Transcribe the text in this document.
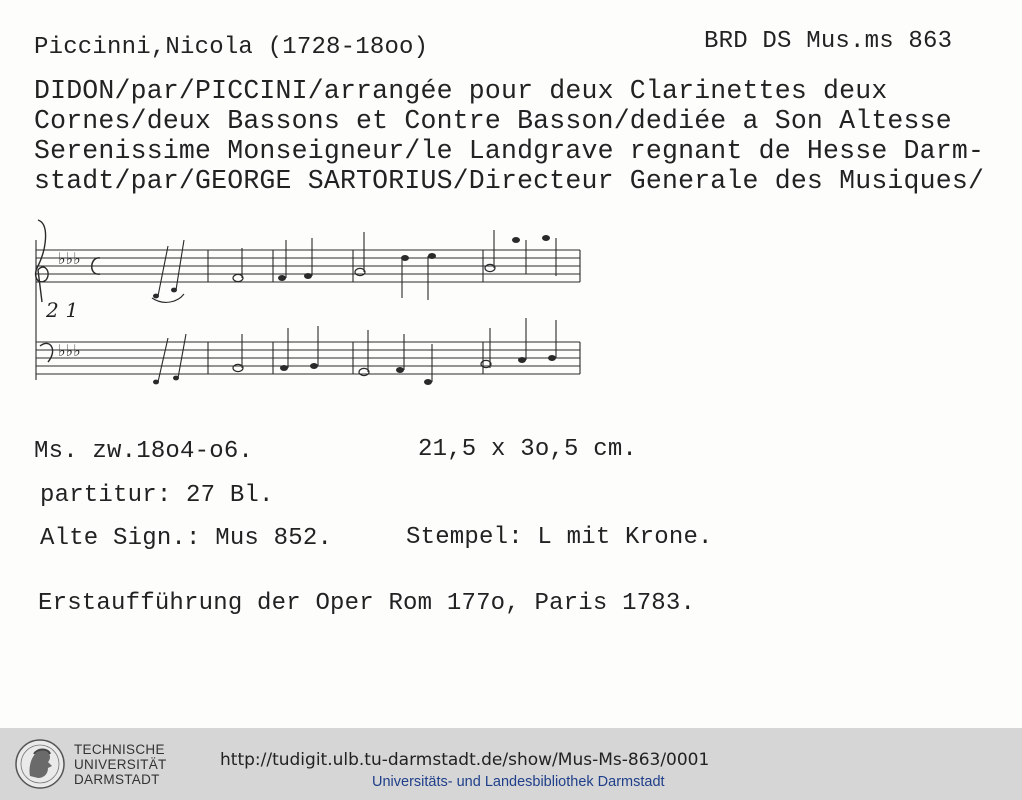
Piccinni,Nicola (1728-18oo)	BRD DS Mus.ms 863
DIDON/par/PICCINI/arrangée pour deux Clarinettes deux
Cornes/deux Bassons et Contre Basson/dediée a Son Altesse
Serenissime Monseigneur/le Landgrave regnant de Hesse Darm-
stadt/par/GEORGE SARTORIUS/Directeur Generale des Musiques/
♭♭♭
♭♭♭
2 1
Ms. zw.18o4-o6.	21,5 x 3o,5 cm.
partitur: 27 Bl.
Alte Sign.: Mus 852.	Stempel: L mit Krone.
Erstaufführung der Oper Rom 177o, Paris 1783.
TECHNISCHE
UNIVERSITÄT
DARMSTADT
http://tudigit.ulb.tu-darmstadt.de/show/Mus-Ms-863/0001
Universitäts- und Landesbibliothek Darmstadt
